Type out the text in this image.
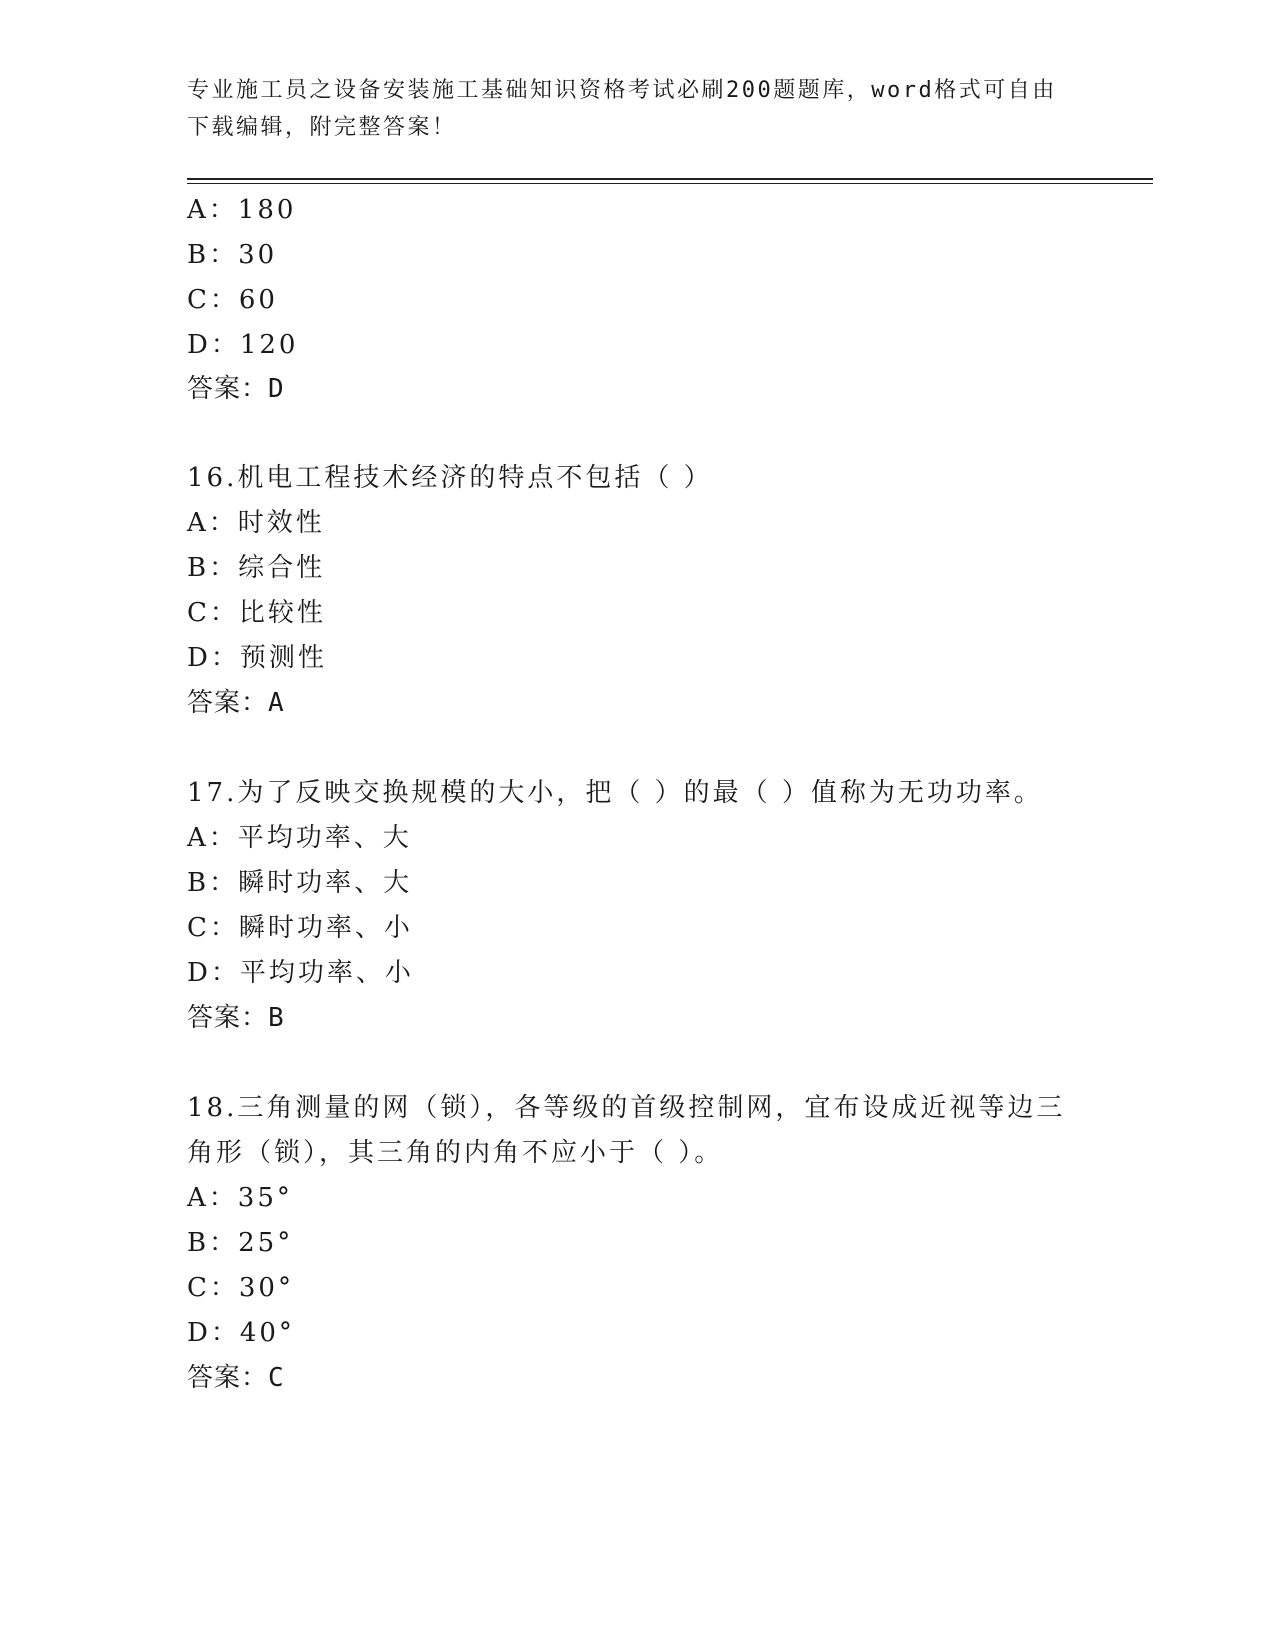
专业施工员之设备安装施工基础知识资格考试必刷200题题库，word格式可自由
下载编辑，附完整答案！
A：180
B：30
C：60
D：120
答案：D
16.机电工程技术经济的特点不包括（ ）
A：时效性
B：综合性
C：比较性
D：预测性
答案：A
17.为了反映交换规模的大小，把（ ）的最（ ）值称为无功功率。
A：平均功率、大
B：瞬时功率、大
C：瞬时功率、小
D：平均功率、小
答案：B
18.三角测量的网（锁），各等级的首级控制网，宜布设成近视等边三
角形（锁），其三角的内角不应小于（ ）。
A：35°
B：25°
C：30°
D：40°
答案：C
